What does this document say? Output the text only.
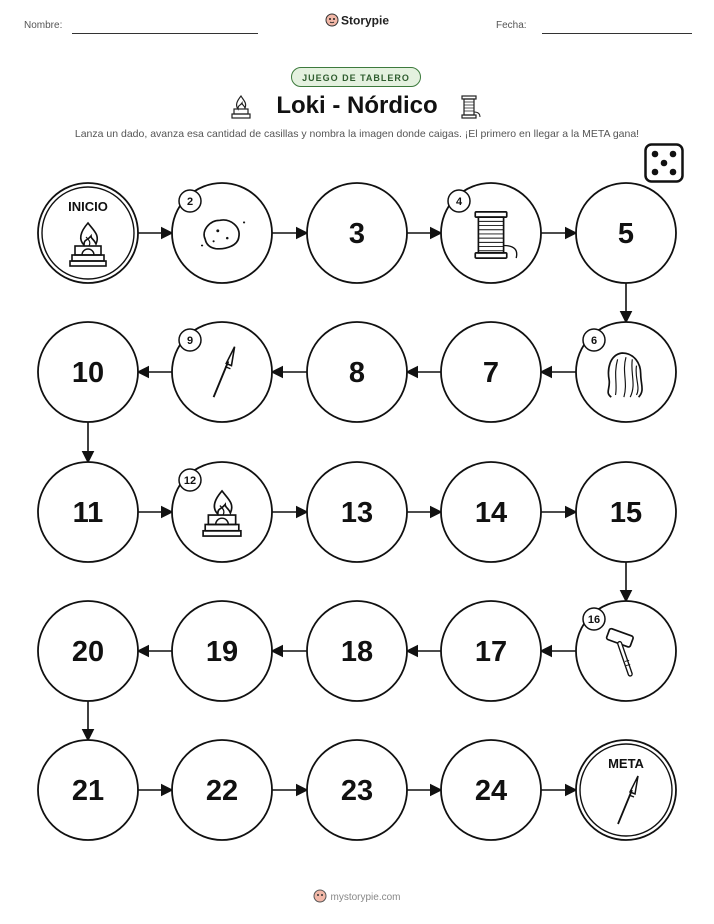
Nombre:	Storypie	Fecha:
JUEGO DE TABLERO
Loki - Nórdico
Lanza un dado, avanza esa cantidad de casillas y nombra la imagen donde caigas. ¡El primero en llegar a la META gana!
INICIO	2
3
4
5
10
9
8	7
6
11
12
13	14	15
20	19	18	17
16
21	22	23	24
META
mystorypie.com
